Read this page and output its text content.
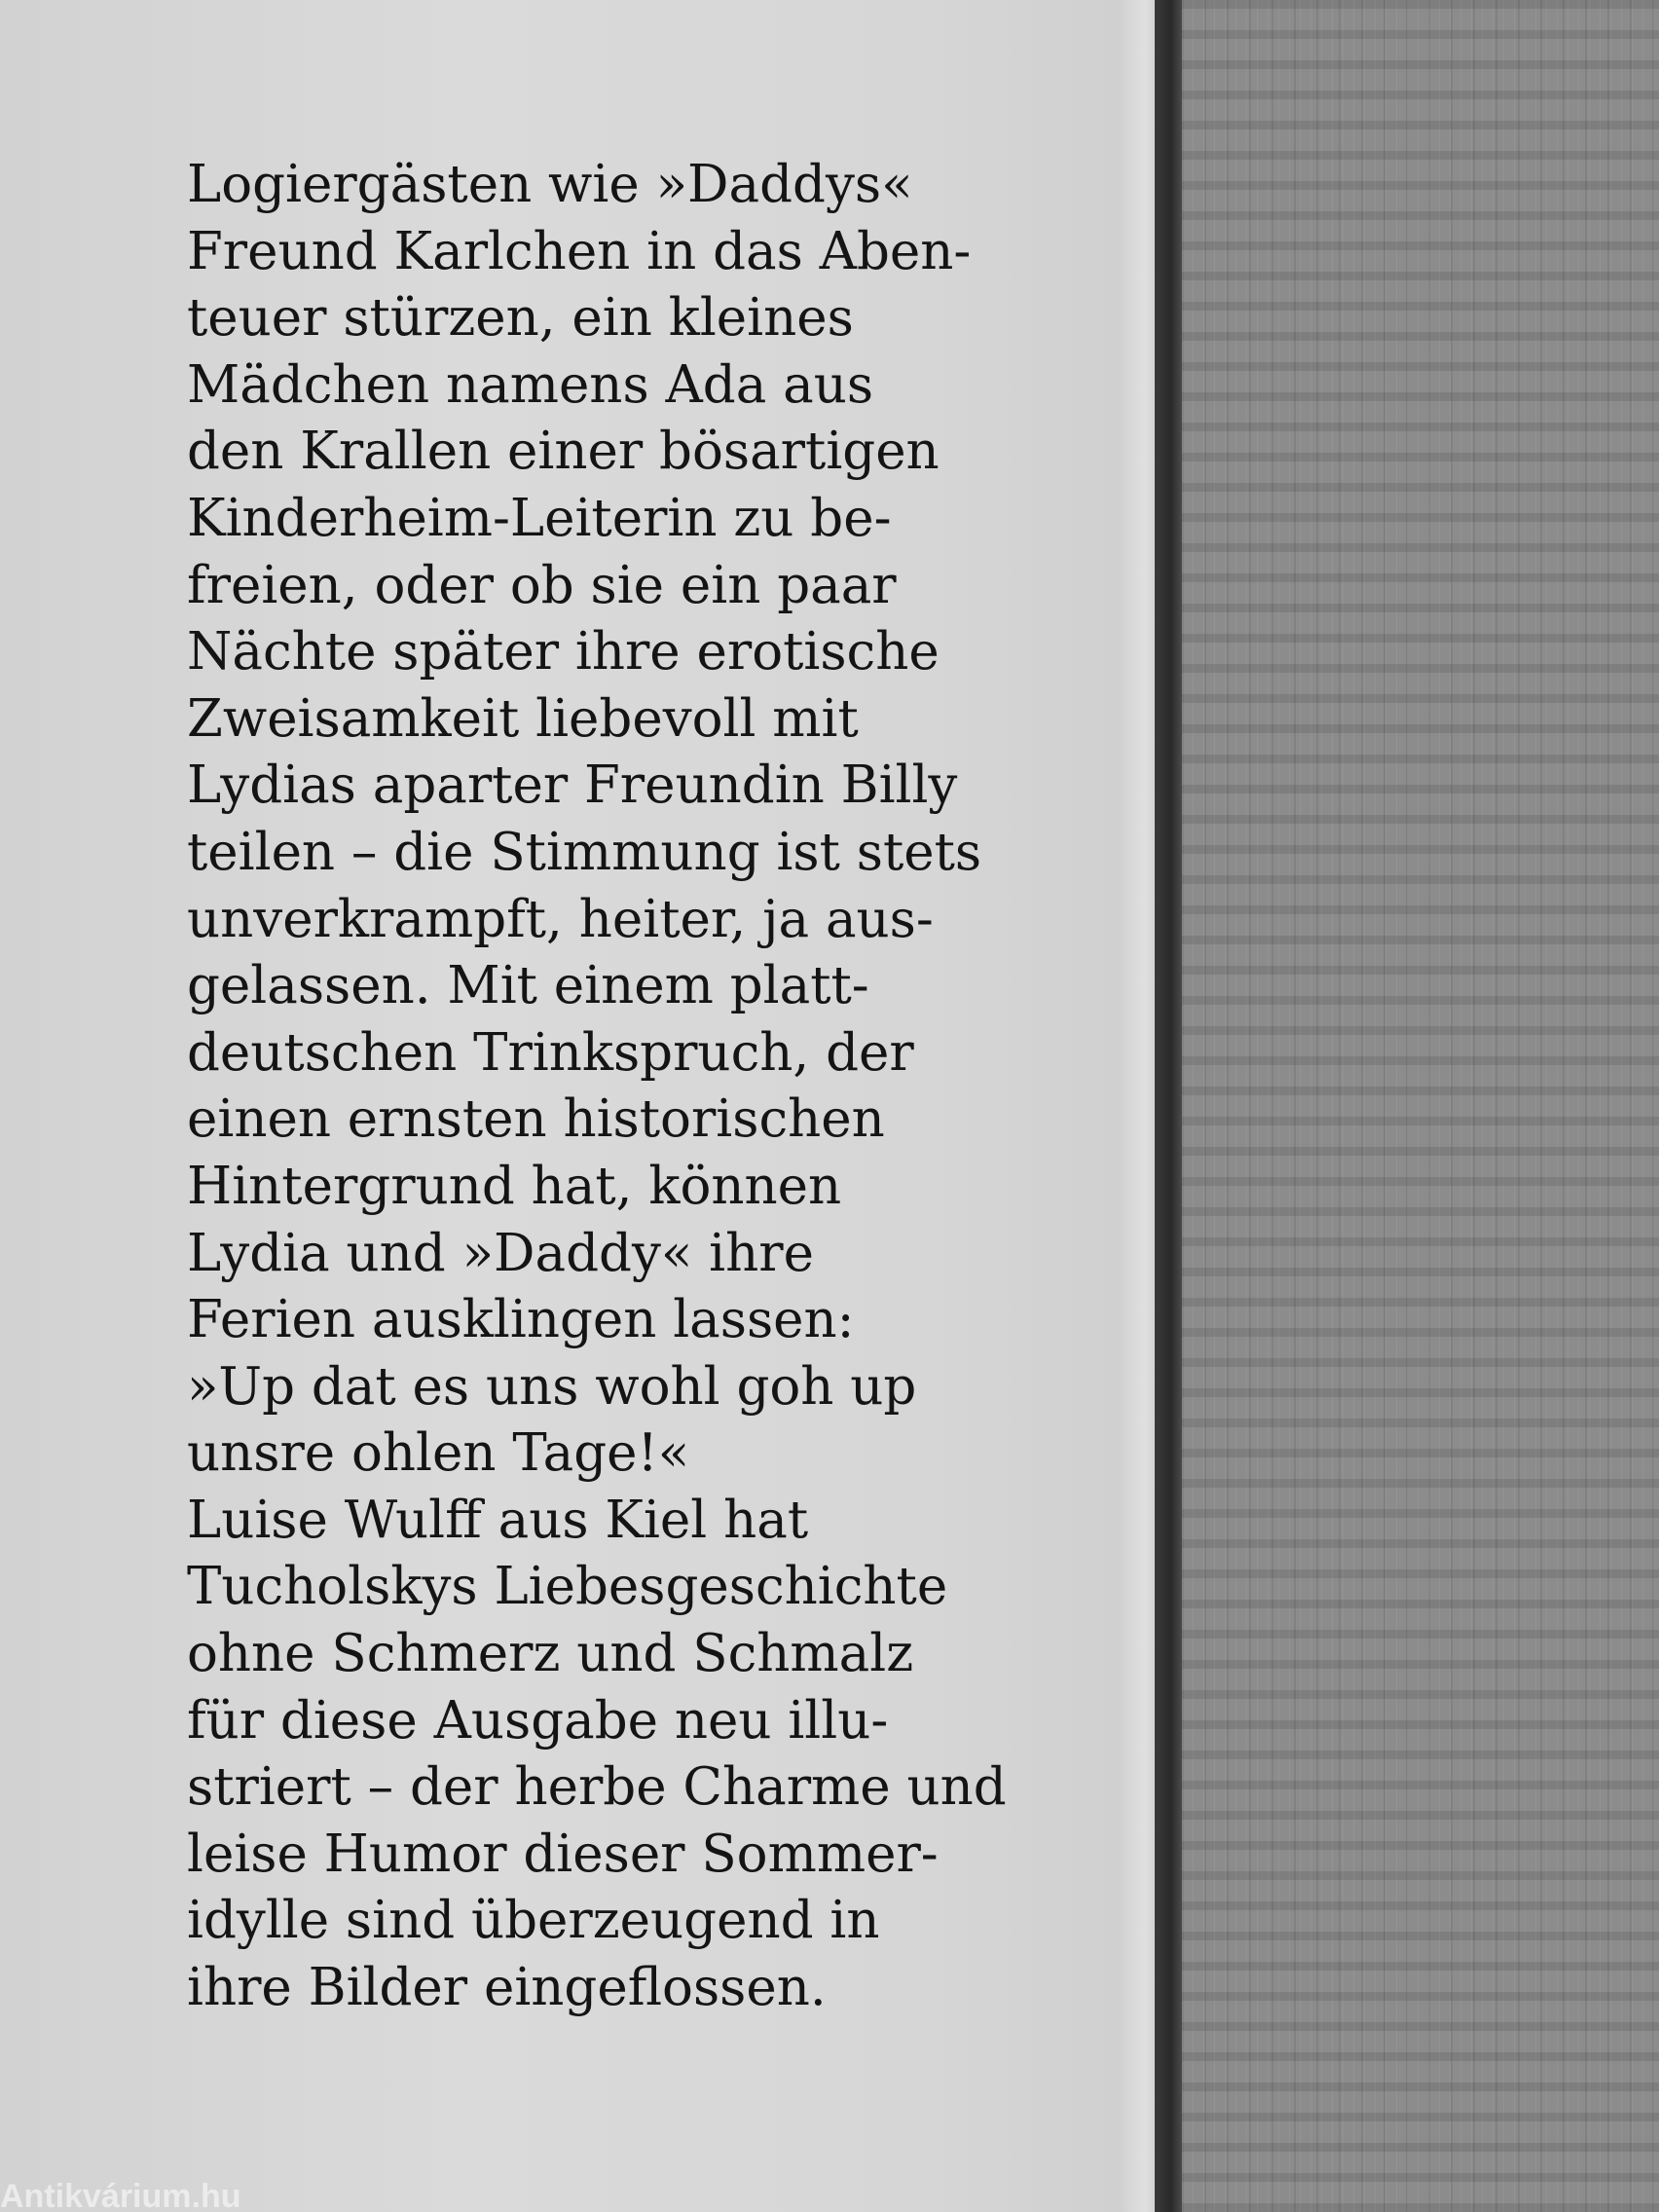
Logiergästen wie »Daddys«
Freund Karlchen in das Aben-
teuer stürzen, ein kleines
Mädchen namens Ada aus
den Krallen einer bösartigen
Kinderheim-Leiterin zu be-
freien, oder ob sie ein paar
Nächte später ihre erotische
Zweisamkeit liebevoll mit
Lydias aparter Freundin Billy
teilen – die Stimmung ist stets
unverkrampft, heiter, ja aus-
gelassen. Mit einem platt-
deutschen Trinkspruch, der
einen ernsten historischen
Hintergrund hat, können
Lydia und »Daddy« ihre
Ferien ausklingen lassen:
»Up dat es uns wohl goh up
unsre ohlen Tage!«
Luise Wulff aus Kiel hat
Tucholskys Liebesgeschichte
ohne Schmerz und Schmalz
für diese Ausgabe neu illu-
striert – der herbe Charme und
leise Humor dieser Sommer-
idylle sind überzeugend in
ihre Bilder eingeflossen.
Antikvárium.hu
